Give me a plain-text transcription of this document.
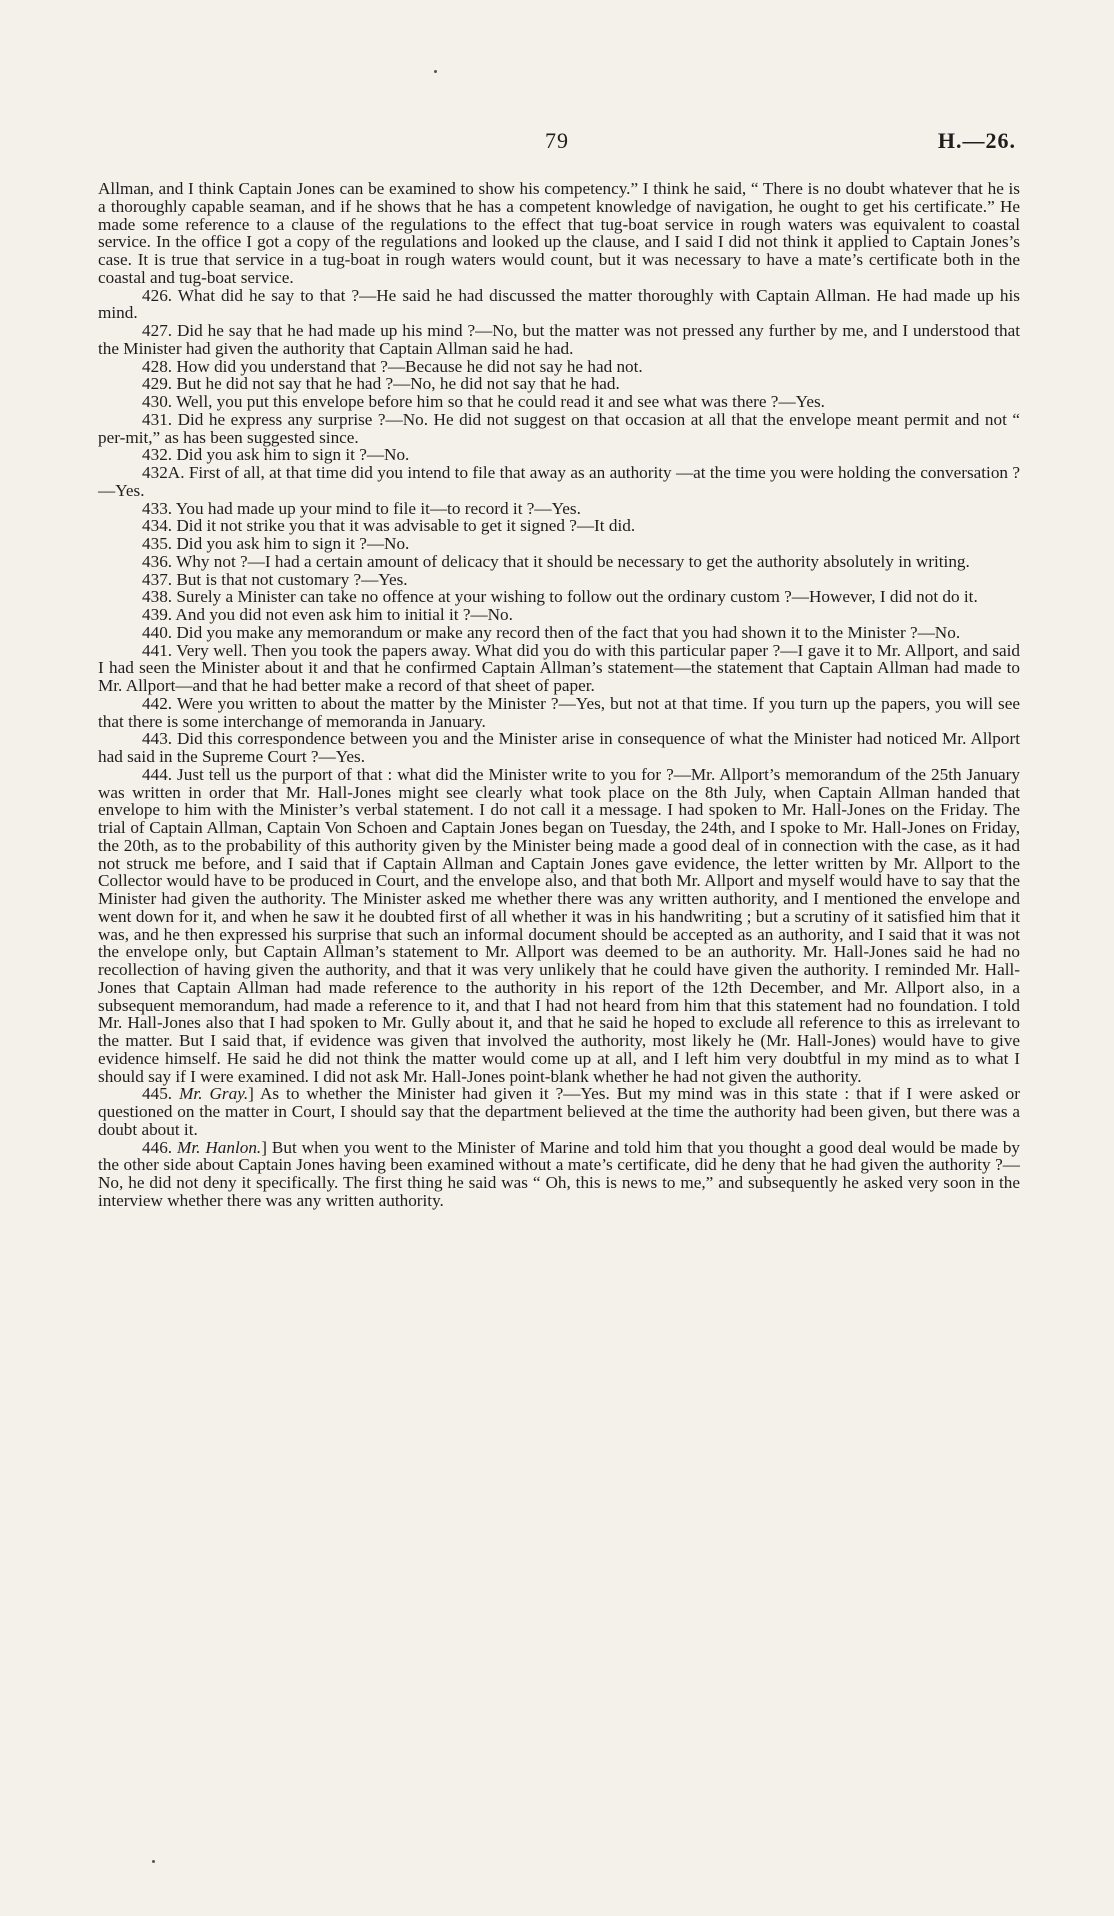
79	H.—26.

Allman, and I think Captain Jones can be examined to show his competency.” I think he said, “ There is no doubt whatever that he is a thoroughly capable seaman, and if he shows that he has a competent knowledge of navigation, he ought to get his certificate.” He made some reference to a clause of the regulations to the effect that tug-boat service in rough waters was equivalent to coastal service. In the office I got a copy of the regulations and looked up the clause, and I said I did not think it applied to Captain Jones’s case. It is true that service in a tug-boat in rough waters would count, but it was necessary to have a mate’s certificate both in the coastal and tug-boat service.

426. What did he say to that ?—He said he had discussed the matter thoroughly with Captain Allman. He had made up his mind.

427. Did he say that he had made up his mind ?—No, but the matter was not pressed any further by me, and I understood that the Minister had given the authority that Captain Allman said he had.

428. How did you understand that ?—Because he did not say he had not.

429. But he did not say that he had ?—No, he did not say that he had.

430. Well, you put this envelope before him so that he could read it and see what was there ?—Yes.

431. Did he express any surprise ?—No. He did not suggest on that occasion at all that the envelope meant permit and not “ per-mit,” as has been suggested since.

432. Did you ask him to sign it ?—No.

432A. First of all, at that time did you intend to file that away as an authority —at the time you were holding the conversation ?—Yes.

433. You had made up your mind to file it—to record it ?—Yes.

434. Did it not strike you that it was advisable to get it signed ?—It did.

435. Did you ask him to sign it ?—No.

436. Why not ?—I had a certain amount of delicacy that it should be necessary to get the authority absolutely in writing.

437. But is that not customary ?—Yes.

438. Surely a Minister can take no offence at your wishing to follow out the ordinary custom ?—However, I did not do it.

439. And you did not even ask him to initial it ?—No.

440. Did you make any memorandum or make any record then of the fact that you had shown it to the Minister ?—No.

441. Very well. Then you took the papers away. What did you do with this particular paper ?—I gave it to Mr. Allport, and said I had seen the Minister about it and that he confirmed Captain Allman’s statement—the statement that Captain Allman had made to Mr. Allport—and that he had better make a record of that sheet of paper.

442. Were you written to about the matter by the Minister ?—Yes, but not at that time. If you turn up the papers, you will see that there is some interchange of memoranda in January.

443. Did this correspondence between you and the Minister arise in consequence of what the Minister had noticed Mr. Allport had said in the Supreme Court ?—Yes.

444. Just tell us the purport of that : what did the Minister write to you for ?—Mr. Allport’s memorandum of the 25th January was written in order that Mr. Hall-Jones might see clearly what took place on the 8th July, when Captain Allman handed that envelope to him with the Minister’s verbal statement. I do not call it a message. I had spoken to Mr. Hall-Jones on the Friday. The trial of Captain Allman, Captain Von Schoen and Captain Jones began on Tuesday, the 24th, and I spoke to Mr. Hall-Jones on Friday, the 20th, as to the probability of this authority given by the Minister being made a good deal of in connection with the case, as it had not struck me before, and I said that if Captain Allman and Captain Jones gave evidence, the letter written by Mr. Allport to the Collector would have to be produced in Court, and the envelope also, and that both Mr. Allport and myself would have to say that the Minister had given the authority. The Minister asked me whether there was any written authority, and I mentioned the envelope and went down for it, and when he saw it he doubted first of all whether it was in his handwriting ; but a scrutiny of it satisfied him that it was, and he then expressed his surprise that such an informal document should be accepted as an authority, and I said that it was not the envelope only, but Captain Allman’s statement to Mr. Allport was deemed to be an authority. Mr. Hall-Jones said he had no recollection of having given the authority, and that it was very unlikely that he could have given the authority. I reminded Mr. Hall-Jones that Captain Allman had made reference to the authority in his report of the 12th December, and Mr. Allport also, in a subsequent memorandum, had made a reference to it, and that I had not heard from him that this statement had no foundation. I told Mr. Hall-Jones also that I had spoken to Mr. Gully about it, and that he said he hoped to exclude all reference to this as irrelevant to the matter. But I said that, if evidence was given that involved the authority, most likely he (Mr. Hall-Jones) would have to give evidence himself. He said he did not think the matter would come up at all, and I left him very doubtful in my mind as to what I should say if I were examined. I did not ask Mr. Hall-Jones point-blank whether he had not given the authority.

445. Mr. Gray.] As to whether the Minister had given it ?—Yes. But my mind was in this state : that if I were asked or questioned on the matter in Court, I should say that the department believed at the time the authority had been given, but there was a doubt about it.

446. Mr. Hanlon.] But when you went to the Minister of Marine and told him that you thought a good deal would be made by the other side about Captain Jones having been examined without a mate’s certificate, did he deny that he had given the authority ?—No, he did not deny it specifically. The first thing he said was “ Oh, this is news to me,” and subsequently he asked very soon in the interview whether there was any written authority.
